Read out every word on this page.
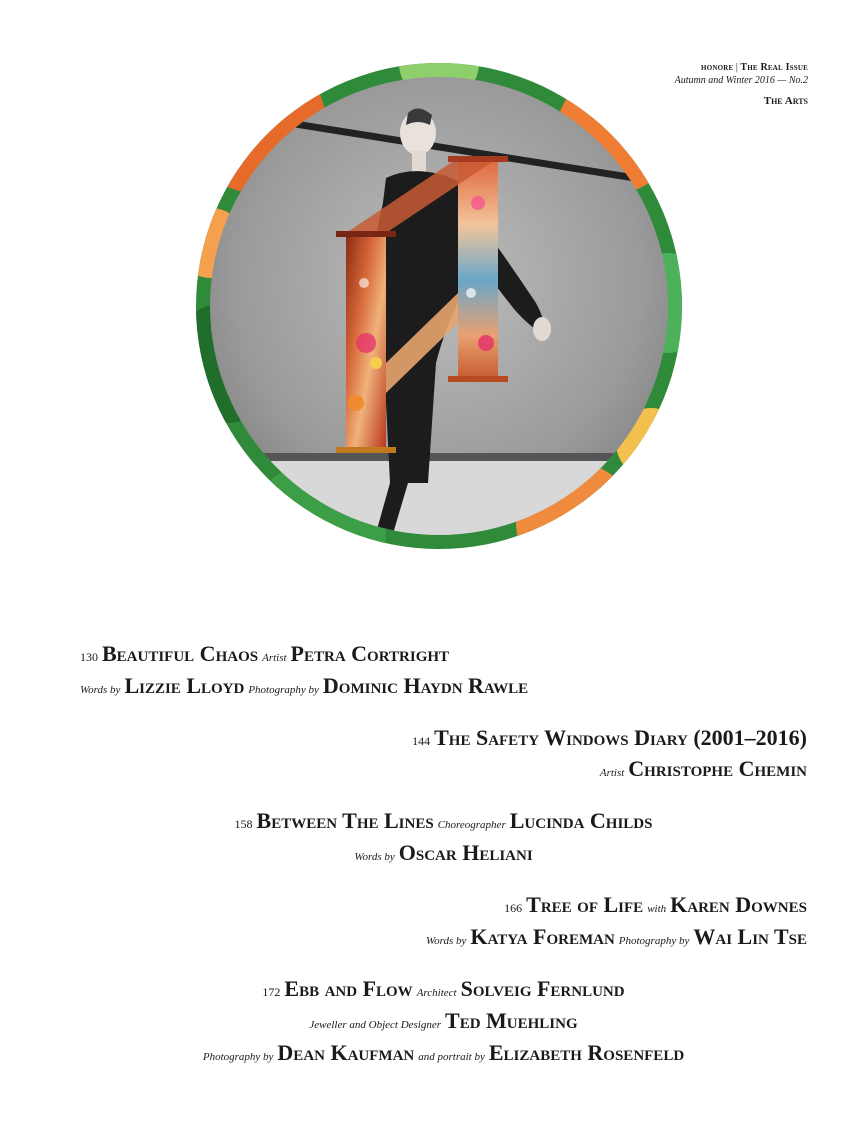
honore | The Real Issue
Autumn and Winter 2016 — No.2
The Arts
130 Beautiful Chaos Artist Petra Cortright
Words by Lizzie Lloyd Photography by Dominic Haydn Rawle
144 The Safety Windows Diary (2001–2016)
Artist Christophe Chemin
158 Between The Lines Choreographer Lucinda Childs
Words by Oscar Heliani
166 Tree of Life with Karen Downes
Words by Katya Foreman Photography by Wai Lin Tse
172 Ebb and Flow Architect Solveig Fernlund
Jeweller and Object Designer Ted Muehling
Photography by Dean Kaufman and portrait by Elizabeth Rosenfeld
